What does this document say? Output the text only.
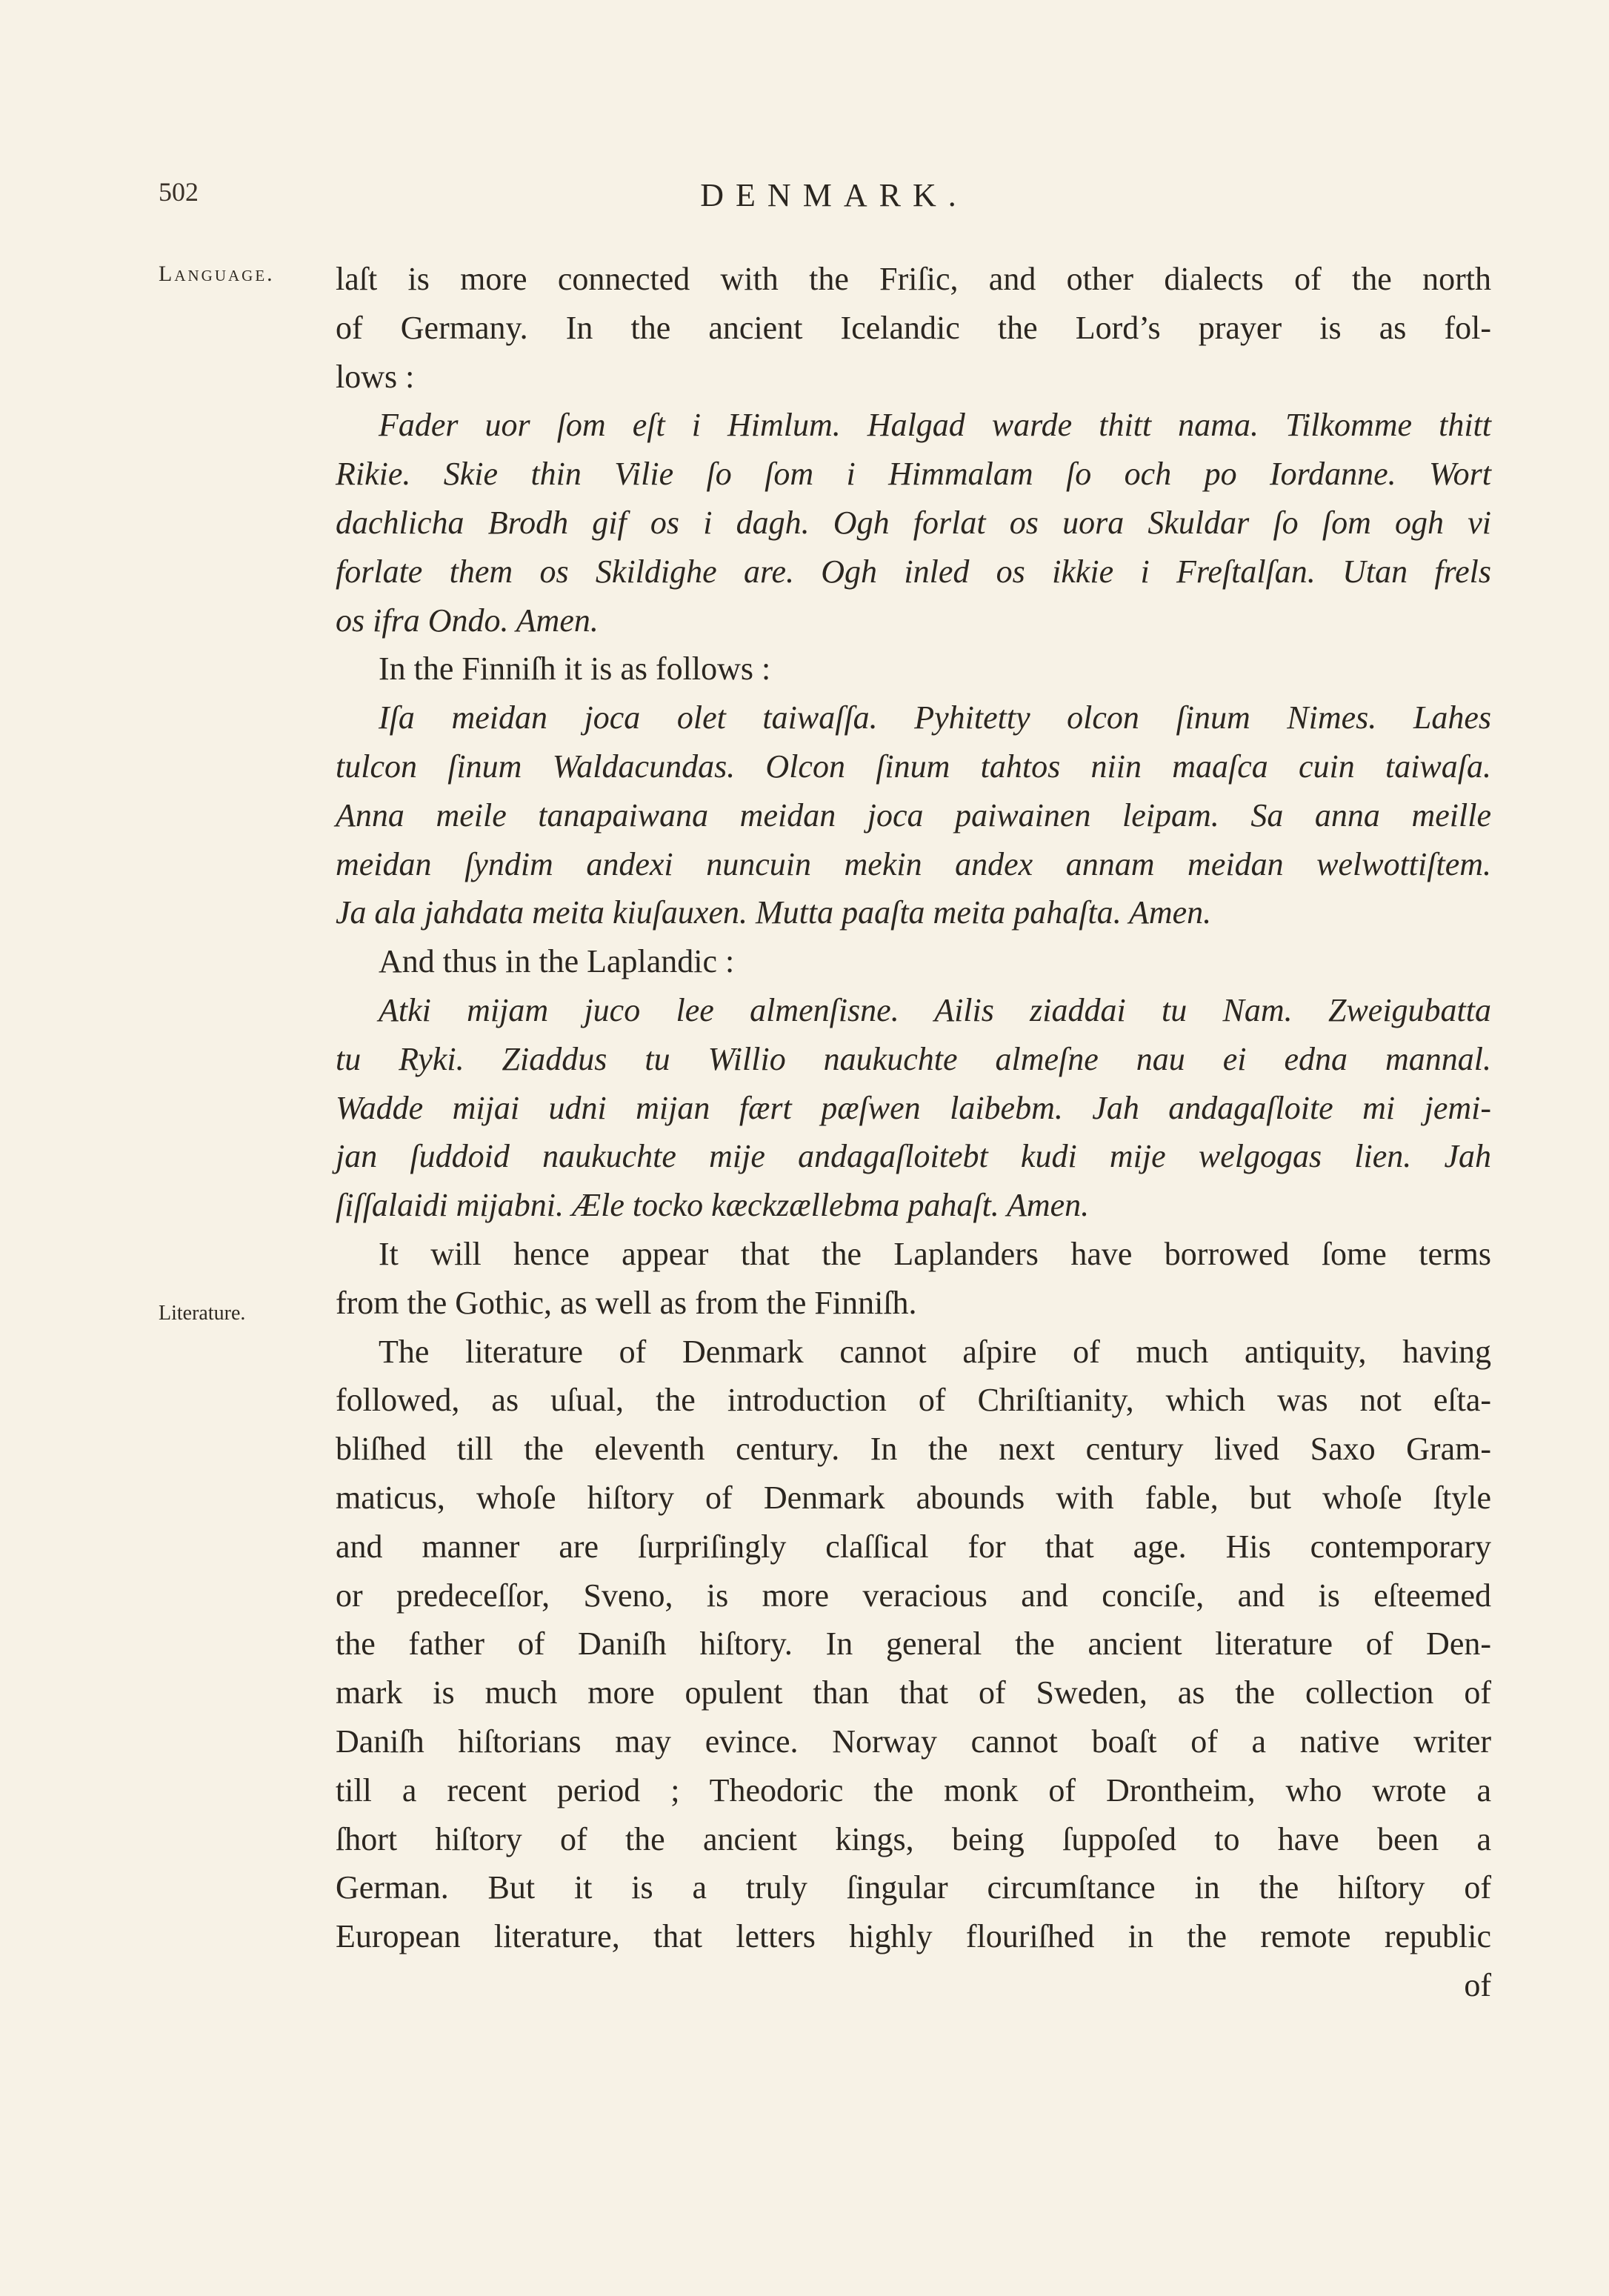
502	DENMARK.
Language.
Literature.
laſt is more connected with the Friſic, and other dialects of the north
of Germany. In the ancient Icelandic the Lord’s prayer is as fol-
lows :
Fader uor ſom eſt i Himlum. Halgad warde thitt nama. Tilkomme thitt
Rikie. Skie thin Vilie ſo ſom i Himmalam ſo och po Iordanne. Wort
dachlicha Brodh gif os i dagh. Ogh forlat os uora Skuldar ſo ſom ogh vi
forlate them os Skildighe are. Ogh inled os ikkie i Freſtalſan. Utan frels
os ifra Ondo. Amen.
In the Finniſh it is as follows :
Iſa meidan joca olet taiwaſſa. Pyhitetty olcon ſinum Nimes. Lahes
tulcon ſinum Waldacundas. Olcon ſinum tahtos niin maaſca cuin taiwaſa.
Anna meile tanapaiwana meidan joca paiwainen leipam. Sa anna meille
meidan ſyndim andexi nuncuin mekin andex annam meidan welwottiſtem.
Ja ala jahdata meita kiuſauxen. Mutta paaſta meita pahaſta. Amen.
And thus in the Laplandic :
Atki mijam juco lee almenſisne. Ailis ziaddai tu Nam. Zweigubatta
tu Ryki. Ziaddus tu Willio naukuchte almeſne nau ei edna mannal.
Wadde mijai udni mijan fært pæſwen laibebm. Jah andagaſloite mi jemi-
jan ſuddoid naukuchte mije andagaſloitebt kudi mije welgogas lien. Jah
ſiſſalaidi mijabni. Æle tocko kæckzællebma pahaſt. Amen.
It will hence appear that the Laplanders have borrowed ſome terms
from the Gothic, as well as from the Finniſh.
The literature of Denmark cannot aſpire of much antiquity, having
followed, as uſual, the introduction of Chriſtianity, which was not eſta-
bliſhed till the eleventh century. In the next century lived Saxo Gram-
maticus, whoſe hiſtory of Denmark abounds with fable, but whoſe ſtyle
and manner are ſurpriſingly claſſical for that age. His contemporary
or predeceſſor, Sveno, is more veracious and conciſe, and is eſteemed
the father of Daniſh hiſtory. In general the ancient literature of Den-
mark is much more opulent than that of Sweden, as the collection of
Daniſh hiſtorians may evince. Norway cannot boaſt of a native writer
till a recent period ; Theodoric the monk of Drontheim, who wrote a
ſhort hiſtory of the ancient kings, being ſuppoſed to have been a
German. But it is a truly ſingular circumſtance in the hiſtory of
European literature, that letters highly flouriſhed in the remote republic
of
